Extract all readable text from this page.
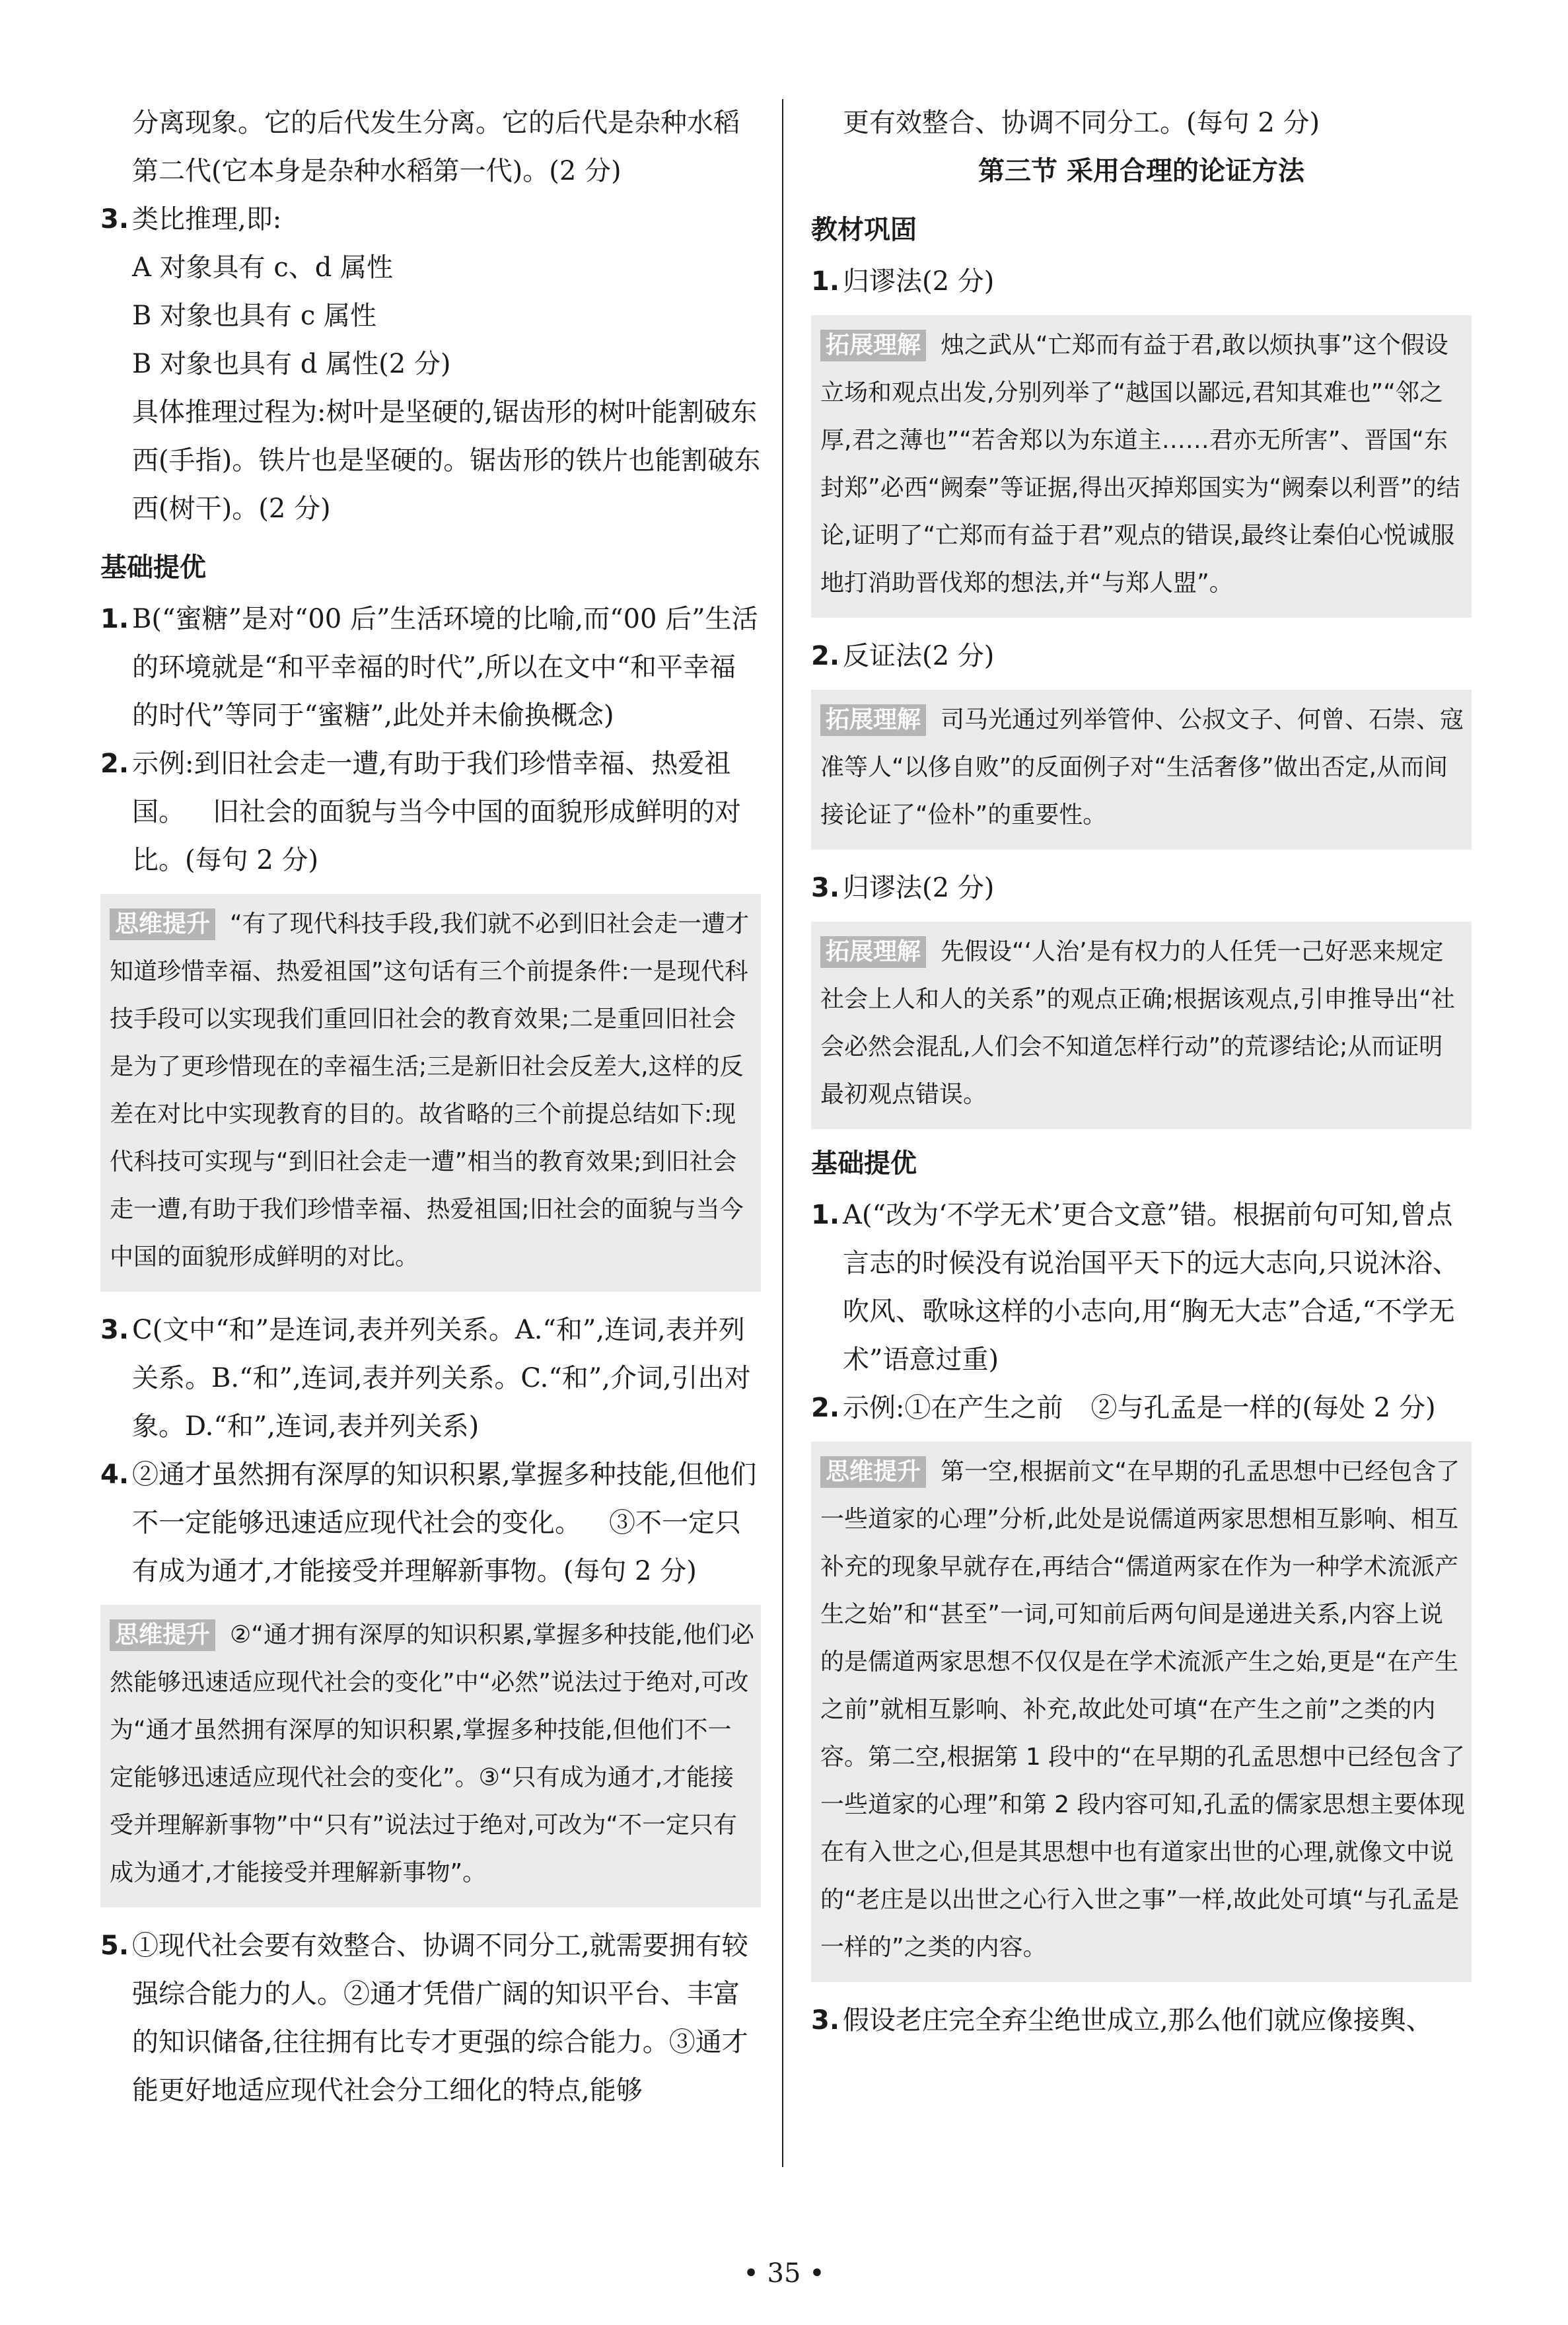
分离现象。它的后代发生分离。它的后代是杂种水稻第二代(它本身是杂种水稻第一代)。(2 分)

3. 类比推理,即:

A 对象具有 c、d 属性

B 对象也具有 c 属性

B 对象也具有 d 属性(2 分)

具体推理过程为:树叶是坚硬的,锯齿形的树叶能割破东西(手指)。铁片也是坚硬的。锯齿形的铁片也能割破东西(树干)。(2 分)

基础提优
1. B(“蜜糖”是对“00 后”生活环境的比喻,而“00 后”生活的环境就是“和平幸福的时代”,所以在文中“和平幸福的时代”等同于“蜜糖”,此处并未偷换概念)

2. 示例:到旧社会走一遭,有助于我们珍惜幸福、热爱祖国。 旧社会的面貌与当今中国的面貌形成鲜明的对比。(每句 2 分)

思维提升 “有了现代科技手段,我们就不必到旧社会走一遭才知道珍惜幸福、热爱祖国”这句话有三个前提条件:一是现代科技手段可以实现我们重回旧社会的教育效果;二是重回旧社会是为了更珍惜现在的幸福生活;三是新旧社会反差大,这样的反差在对比中实现教育的目的。故省略的三个前提总结如下:现代科技可实现与“到旧社会走一遭”相当的教育效果;到旧社会走一遭,有助于我们珍惜幸福、热爱祖国;旧社会的面貌与当今中国的面貌形成鲜明的对比。
3. C(文中“和”是连词,表并列关系。A.“和”,连词,表并列关系。B.“和”,连词,表并列关系。C.“和”,介词,引出对象。D.“和”,连词,表并列关系)

4. ②通才虽然拥有深厚的知识积累,掌握多种技能,但他们不一定能够迅速适应现代社会的变化。 ③不一定只有成为通才,才能接受并理解新事物。(每句 2 分)

思维提升 ②“通才拥有深厚的知识积累,掌握多种技能,他们必然能够迅速适应现代社会的变化”中“必然”说法过于绝对,可改为“通才虽然拥有深厚的知识积累,掌握多种技能,但他们不一定能够迅速适应现代社会的变化”。③“只有成为通才,才能接受并理解新事物”中“只有”说法过于绝对,可改为“不一定只有成为通才,才能接受并理解新事物”。
5. ①现代社会要有效整合、协调不同分工,就需要拥有较强综合能力的人。②通才凭借广阔的知识平台、丰富的知识储备,往往拥有比专才更强的综合能力。③通才能更好地适应现代社会分工细化的特点,能够

更有效整合、协调不同分工。(每句 2 分)

第三节 采用合理的论证方法

教材巩固
1. 归谬法(2 分)

拓展理解 烛之武从“亡郑而有益于君,敢以烦执事”这个假设立场和观点出发,分别列举了“越国以鄙远,君知其难也”“邻之厚,君之薄也”“若舍郑以为东道主……君亦无所害”、晋国“东封郑”必西“阙秦”等证据,得出灭掉郑国实为“阙秦以利晋”的结论,证明了“亡郑而有益于君”观点的错误,最终让秦伯心悦诚服地打消助晋伐郑的想法,并“与郑人盟”。
2. 反证法(2 分)

拓展理解 司马光通过列举管仲、公叔文子、何曾、石崇、寇准等人“以侈自败”的反面例子对“生活奢侈”做出否定,从而间接论证了“俭朴”的重要性。
3. 归谬法(2 分)

拓展理解 先假设“‘人治’是有权力的人任凭一己好恶来规定社会上人和人的关系”的观点正确;根据该观点,引申推导出“社会必然会混乱,人们会不知道怎样行动”的荒谬结论;从而证明最初观点错误。
基础提优
1. A(“改为‘不学无术’更合文意”错。根据前句可知,曾点言志的时候没有说治国平天下的远大志向,只说沐浴、吹风、歌咏这样的小志向,用“胸无大志”合适,“不学无术”语意过重)

2. 示例:①在产生之前 ②与孔孟是一样的(每处 2 分)

思维提升 第一空,根据前文“在早期的孔孟思想中已经包含了一些道家的心理”分析,此处是说儒道两家思想相互影响、相互补充的现象早就存在,再结合“儒道两家在作为一种学术流派产生之始”和“甚至”一词,可知前后两句间是递进关系,内容上说的是儒道两家思想不仅仅是在学术流派产生之始,更是“在产生之前”就相互影响、补充,故此处可填“在产生之前”之类的内容。第二空,根据第 1 段中的“在早期的孔孟思想中已经包含了一些道家的心理”和第 2 段内容可知,孔孟的儒家思想主要体现在有入世之心,但是其思想中也有道家出世的心理,就像文中说的“老庄是以出世之心行入世之事”一样,故此处可填“与孔孟是一样的”之类的内容。
3. 假设老庄完全弃尘绝世成立,那么他们就应像接舆、

• 35 •
